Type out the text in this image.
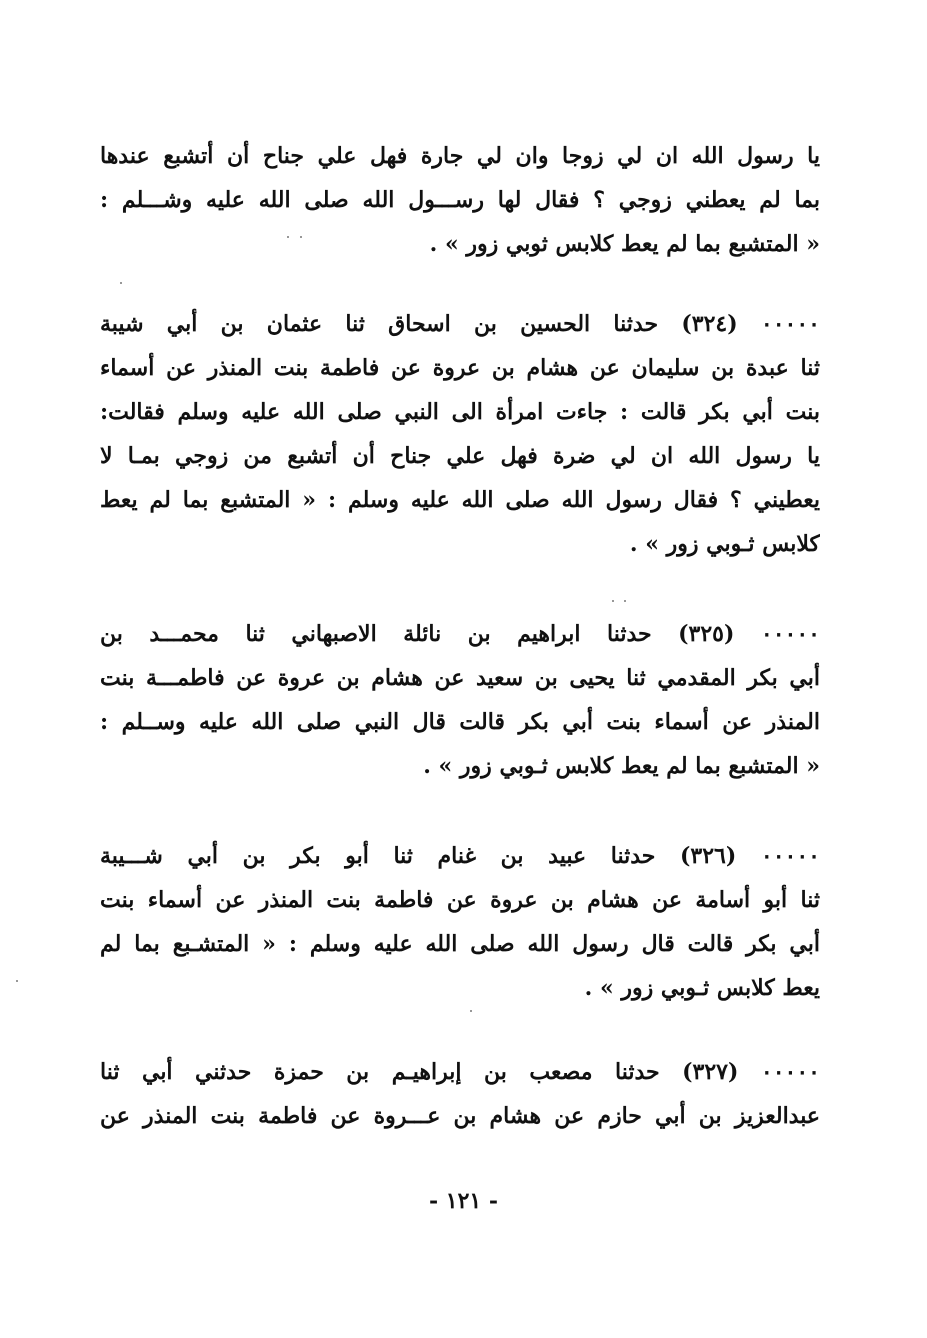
يا رسول الله ان لي زوجا وان لي جارة فهل علي جناح أن أتشبع عندها
بما لم يعطني زوجي ؟ فقال لها رســـول الله صلى الله عليه وشـــلم :
« المتشبع بما لم يعط كلابس ثوبي زور » .
٠٠٠٠٠ (٣٢٤) حدثنا الحسين بن اسحاق ثنا عثمان بن أبي شيبة
ثنا عبدة بن سليمان عن هشام بن عروة عن فاطمة بنت المنذر عن أسماء
بنت أبي بكر قالت : جاءت امرأة الى النبي صلى الله عليه وسلم فقالت:
يا رسول الله ان لي ضرة فهل علي جناح أن أتشبع من زوجي بمـا لا
يعطيني ؟ فقال رسول الله صلى الله عليه وسلم : « المتشبع بما لم يعط
كلابس ثـوبي زور » .
٠٠٠٠٠ (٣٢٥) حدثنا ابراهيم بن نائلة الاصبهاني ثنا محمـــد بن
أبي بكر المقدمي ثنا يحيى بن سعيد عن هشام بن عروة عن فاطمـــة بنت
المنذر عن أسماء بنت أبي بكر قالت قال النبي صلى الله عليه وســلم :
« المتشبع بما لم يعط كلابس ثـوبي زور » .
٠٠٠٠٠ (٣٢٦) حدثنا عبيد بن غنام ثنا أبو بكر بن أبي شـــيبة
ثنا أبو أسامة عن هشام بن عروة عن فاطمة بنت المنذر عن أسماء بنت
أبي بكر قالت قال رسول الله صلى الله عليه وسلم : « المتشـبع بما لم
يعط كلابس ثـوبي زور » .
٠٠٠٠٠ (٣٢٧) حدثنا مصعب بن إبراهيـم بن حمزة حدثني أبي ثنا
عبدالعزيز بن أبي حازم عن هشام بن عـــروة عن فاطمة بنت المنذر عن
- ١٢١ -
